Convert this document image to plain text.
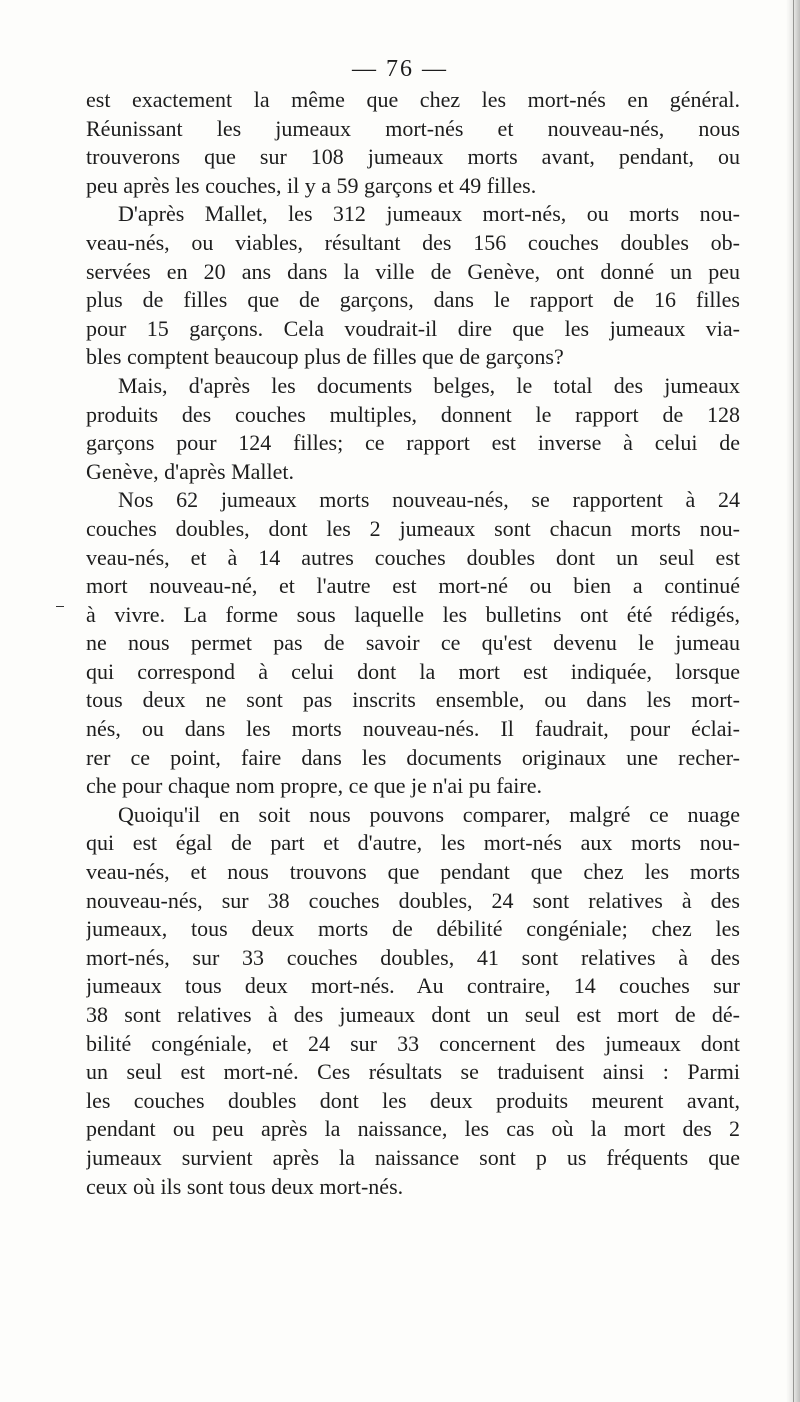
— 76 —
est exactement la même que chez les mort-nés en général.
Réunissant les jumeaux mort-nés et nouveau-nés, nous
trouverons que sur 108 jumeaux morts avant, pendant, ou
peu après les couches, il y a 59 garçons et 49 filles.
D'après Mallet, les 312 jumeaux mort-nés, ou morts nou-
veau-nés, ou viables, résultant des 156 couches doubles ob-
servées en 20 ans dans la ville de Genève, ont donné un peu
plus de filles que de garçons, dans le rapport de 16 filles
pour 15 garçons. Cela voudrait-il dire que les jumeaux via-
bles comptent beaucoup plus de filles que de garçons?
Mais, d'après les documents belges, le total des jumeaux
produits des couches multiples, donnent le rapport de 128
garçons pour 124 filles; ce rapport est inverse à celui de
Genève, d'après Mallet.
Nos 62 jumeaux morts nouveau-nés, se rapportent à 24
couches doubles, dont les 2 jumeaux sont chacun morts nou-
veau-nés, et à 14 autres couches doubles dont un seul est
mort nouveau-né, et l'autre est mort-né ou bien a continué
à vivre. La forme sous laquelle les bulletins ont été rédigés,
ne nous permet pas de savoir ce qu'est devenu le jumeau
qui correspond à celui dont la mort est indiquée, lorsque
tous deux ne sont pas inscrits ensemble, ou dans les mort-
nés, ou dans les morts nouveau-nés. Il faudrait, pour éclai-
rer ce point, faire dans les documents originaux une recher-
che pour chaque nom propre, ce que je n'ai pu faire.
Quoiqu'il en soit nous pouvons comparer, malgré ce nuage
qui est égal de part et d'autre, les mort-nés aux morts nou-
veau-nés, et nous trouvons que pendant que chez les morts
nouveau-nés, sur 38 couches doubles, 24 sont relatives à des
jumeaux, tous deux morts de débilité congéniale; chez les
mort-nés, sur 33 couches doubles, 41 sont relatives à des
jumeaux tous deux mort-nés. Au contraire, 14 couches sur
38 sont relatives à des jumeaux dont un seul est mort de dé-
bilité congéniale, et 24 sur 33 concernent des jumeaux dont
un seul est mort-né. Ces résultats se traduisent ainsi : Parmi
les couches doubles dont les deux produits meurent avant,
pendant ou peu après la naissance, les cas où la mort des 2
jumeaux survient après la naissance sont p us fréquents que
ceux où ils sont tous deux mort-nés.
